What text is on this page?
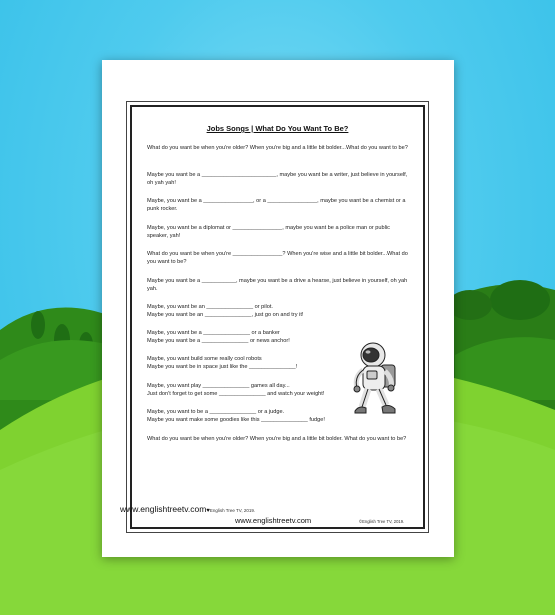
Jobs Songs | What Do You Want To Be?
What do you want be when you're older? When you're big and a little bit bolder...What do you want to be?
Maybe you want be a ________________________, maybe you want be a writer, just believe in yourself, oh yah yah!
Maybe, you want be a ________________, or a ________________, maybe you want be a chemist or a punk rocker.
Maybe, you want be a diplomat or ________________, maybe you want be a police man or public speaker, yah!
What do you want be when you're ________________? When you're wise and a little bit bolder...What do you want to be?
Maybe you want be a ___________, maybe you want be a drive a hearse, just believe in yourself, oh yah yah.
Maybe, you want be an _______________ or pilot.
Maybe you want be an _______________, just go on and try it!
Maybe, you want be a _______________ or a banker
Maybe you want be a _______________ or news anchor!
Maybe, you want build some really cool robots
Maybe you want be in space just like the _______________!
Maybe, you want play _______________ games all day...
Just don't forget to get some _______________ and watch your weight!
Maybe, you want to be a _______________ or a judge.
Maybe you want make some goodies like this _______________ fudge!
What do you want be when you're older? When you're big and a little bit bolder. What do you want to be?
www.englishtreetv.com	©English Tree TV, 2019.
www.englishtreetv.com♥English Tree TV, 2019.
